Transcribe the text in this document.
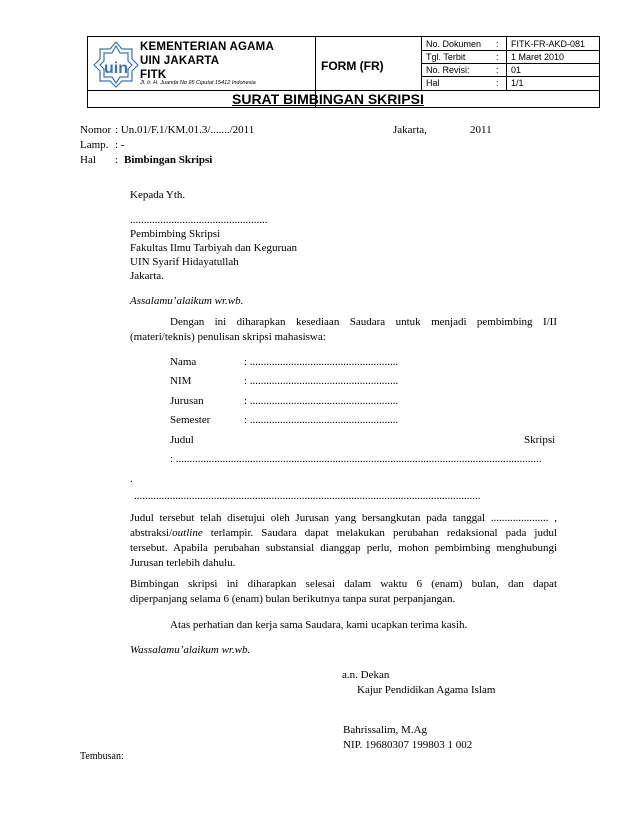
uin
KEMENTERIAN AGAMA
UIN JAKARTA
FITK
Jl. Ir. H. Juanda No 95 Ciputat 15412 Indonesia
FORM (FR)
No. Dokumen : FITK-FR-AKD-081
Tgl. Terbit	: 1 Maret 2010
No. Revisi:	: 01
Hal	: 1/1
SURAT BIMBINGAN SKRIPSI
Nomor : Un.01/F.1/KM.01.3/......./2011	Jakarta,	2011
Lamp. : -
Hal : Bimbingan Skripsi
Kepada Yth.
..................................................
Pembimbing Skripsi
Fakultas Ilmu Tarbiyah dan Keguruan
UIN Syarif Hidayatullah
Jakarta.
Assalamu’alaikum wr.wb.
Dengan ini diharapkan kesediaan Saudara untuk menjadi pembimbing I/II
(materi/teknis) penulisan skripsi mahasiswa:
Nama	: ......................................................
NIM	: ......................................................
Jurusan	: ......................................................
Semester	: ......................................................
Judul	Skripsi
: .....................................................................................................................................
.
..............................................................................................................................
Judul tersebut telah disetujui oleh Jurusan yang bersangkutan pada tanggal ..................... ,
abstraksi/outline terlampir. Saudara dapat melakukan perubahan redaksional pada judul
tersebut. Apabila perubahan substansial dianggap perlu, mohon pembimbing menghubungi
Jurusan terlebih dahulu.
Bimbingan skripsi ini diharapkan selesai dalam waktu 6 (enam) bulan, dan dapat
diperpanjang selama 6 (enam) bulan berikutnya tanpa surat perpanjangan.
Atas perhatian dan kerja sama Saudara, kami ucapkan terima kasih.
Wassalamu’alaikum wr.wb.
a.n. Dekan
Kajur Pendidikan Agama Islam
Bahrissalim, M.Ag
NIP. 19680307 199803 1 002
Tembusan:
